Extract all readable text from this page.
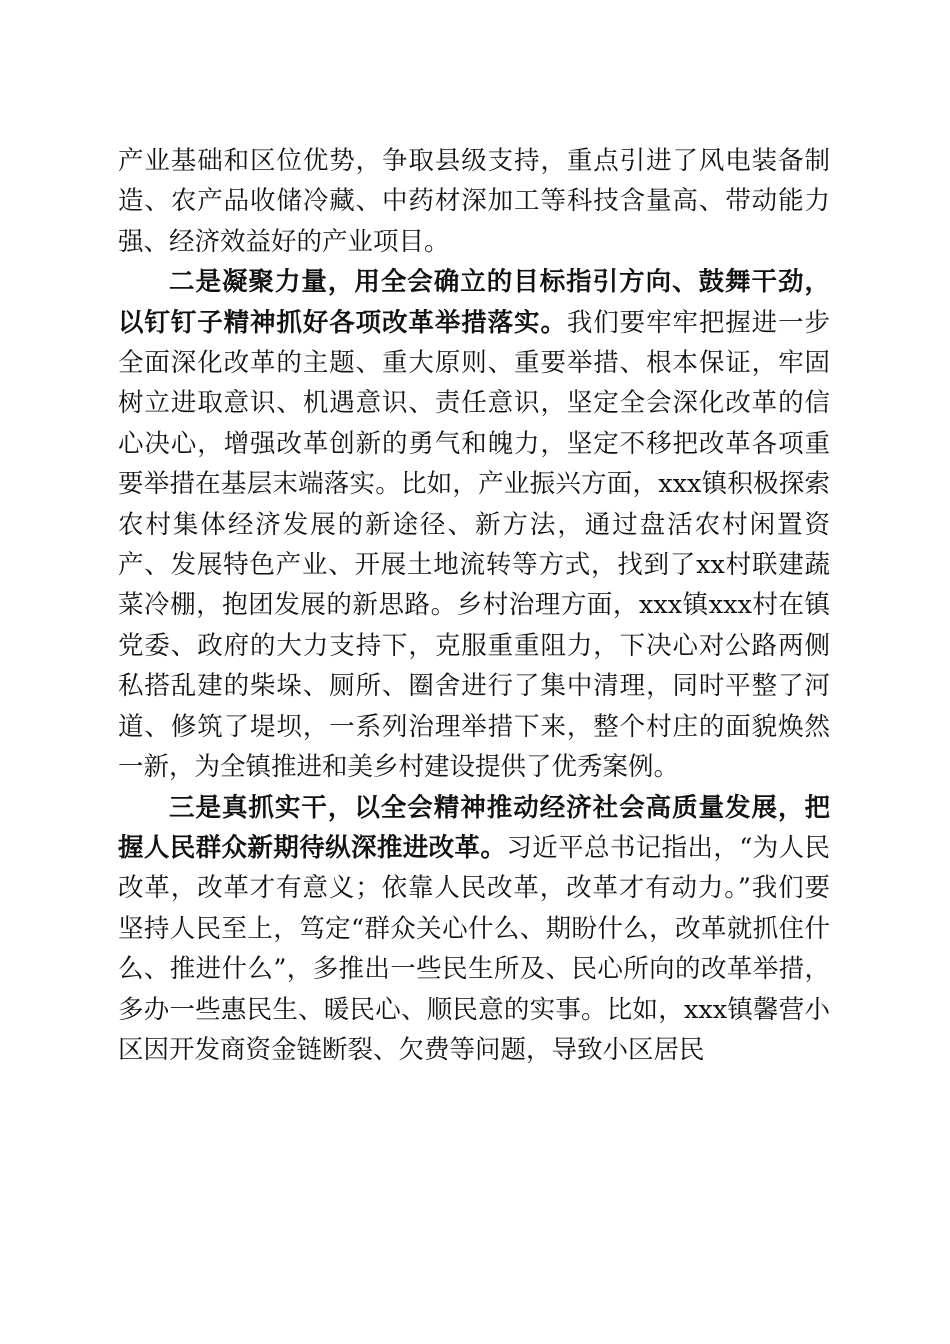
产业基础和区位优势，争取县级支持，重点引进了风电装备制造、农产品收储冷藏、中药材深加工等科技含量高、带动能力强、经济效益好的产业项目。

二是凝聚力量，用全会确立的目标指引方向、鼓舞干劲，以钉钉子精神抓好各项改革举措落实。我们要牢牢把握进一步全面深化改革的主题、重大原则、重要举措、根本保证，牢固树立进取意识、机遇意识、责任意识，坚定全会深化改革的信心决心，增强改革创新的勇气和魄力，坚定不移把改革各项重要举措在基层末端落实。比如，产业振兴方面，xxx镇积极探索农村集体经济发展的新途径、新方法，通过盘活农村闲置资产、发展特色产业、开展土地流转等方式，找到了xx村联建蔬菜冷棚，抱团发展的新思路。乡村治理方面，xxx镇xxx村在镇党委、政府的大力支持下，克服重重阻力，下决心对公路两侧私搭乱建的柴垛、厕所、圈舍进行了集中清理，同时平整了河道、修筑了堤坝，一系列治理举措下来，整个村庄的面貌焕然一新，为全镇推进和美乡村建设提供了优秀案例。

三是真抓实干，以全会精神推动经济社会高质量发展，把握人民群众新期待纵深推进改革。习近平总书记指出，“为人民改革，改革才有意义；依靠人民改革，改革才有动力。”我们要坚持人民至上，笃定“群众关心什么、期盼什么，改革就抓住什么、推进什么”，多推出一些民生所及、民心所向的改革举措，多办一些惠民生、暖民心、顺民意的实事。比如，xxx镇馨营小区因开发商资金链断裂、欠费等问题，导致小区居民
